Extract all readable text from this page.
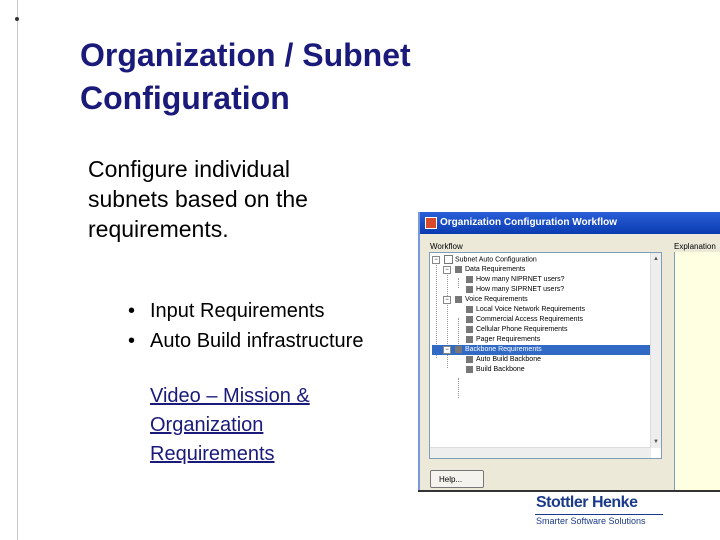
Organization / Subnet
Configuration

Configure individual
subnets based on the
requirements.

• Input Requirements
• Auto Build infrastructure
Video – Mission &
Organization
Requirements
Organization Configuration Workflow
Workflow	Explanation
−	Subnet Auto Configuration
−	Data Requirements
How many NIPRNET users?
How many SIPRNET users?
−	Voice Requirements
Local Voice Network Requirements
Commercial Access Requirements
Cellular Phone Requirements
Pager Requirements
−	Backbone Requirements
Auto Build Backbone
Build Backbone
▲
▼
Help...
Stottler Henke
Smarter Software Solutions
